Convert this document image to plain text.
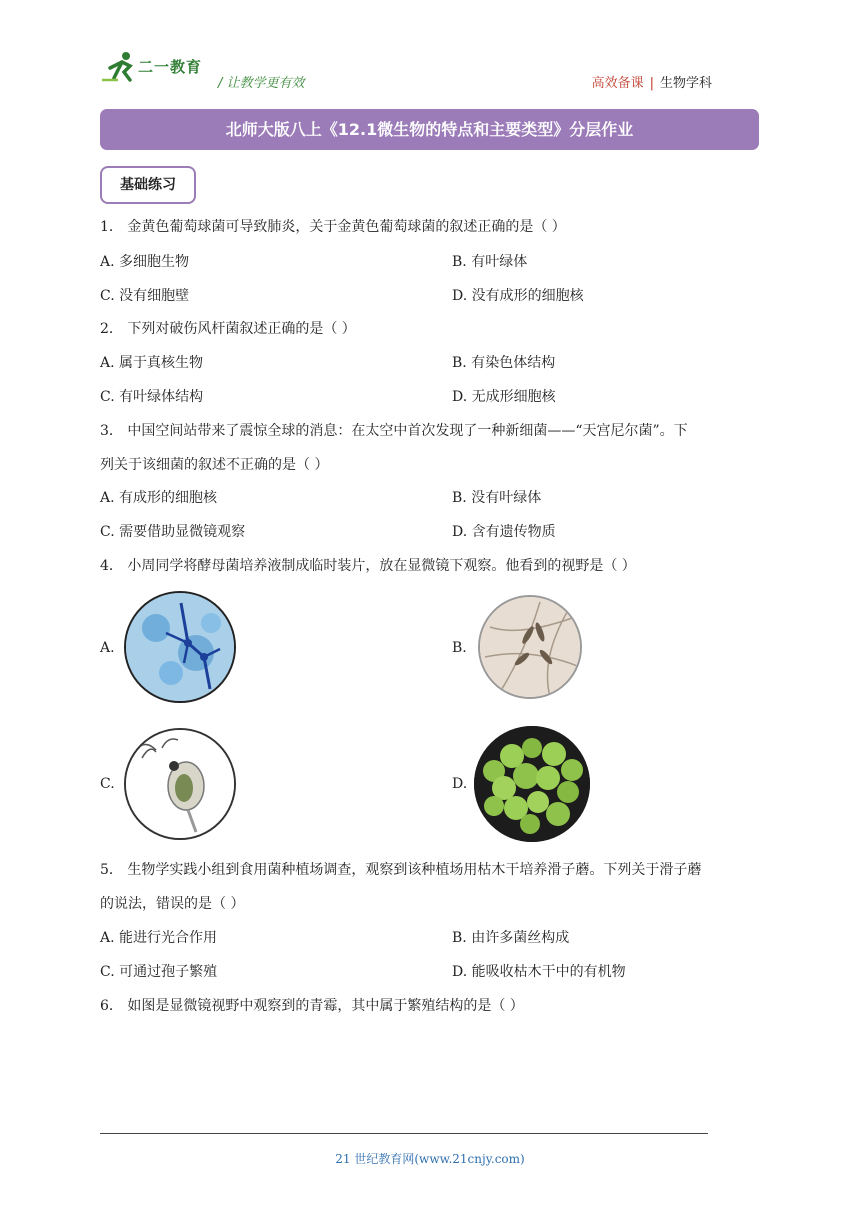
二一教育
/ 让教学更有效	高效备课 | 生物学科
北师大版八上《12.1微生物的特点和主要类型》分层作业
基础练习
1． 金黄色葡萄球菌可导致肺炎，关于金黄色葡萄球菌的叙述正确的是（ ）
A. 多细胞生物	B. 有叶绿体
C. 没有细胞壁	D. 没有成形的细胞核
2． 下列对破伤风杆菌叙述正确的是（ ）
A. 属于真核生物	B. 有染色体结构
C. 有叶绿体结构	D. 无成形细胞核
3． 中国空间站带来了震惊全球的消息：在太空中首次发现了一种新细菌——“天宫尼尔菌”。下
列关于该细菌的叙述不正确的是（ ）
A. 有成形的细胞核	B. 没有叶绿体
C. 需要借助显微镜观察	D. 含有遗传物质
4． 小周同学将酵母菌培养液制成临时装片，放在显微镜下观察。他看到的视野是（ ）
A.	B.
C.	D.
5． 生物学实践小组到食用菌种植场调查，观察到该种植场用枯木干培养滑子蘑。下列关于滑子蘑
的说法，错误的是（ ）
A. 能进行光合作用	B. 由许多菌丝构成
C. 可通过孢子繁殖	D. 能吸收枯木干中的有机物
6． 如图是显微镜视野中观察到的青霉，其中属于繁殖结构的是（ ）
21 世纪教育网(www.21cnjy.com)
